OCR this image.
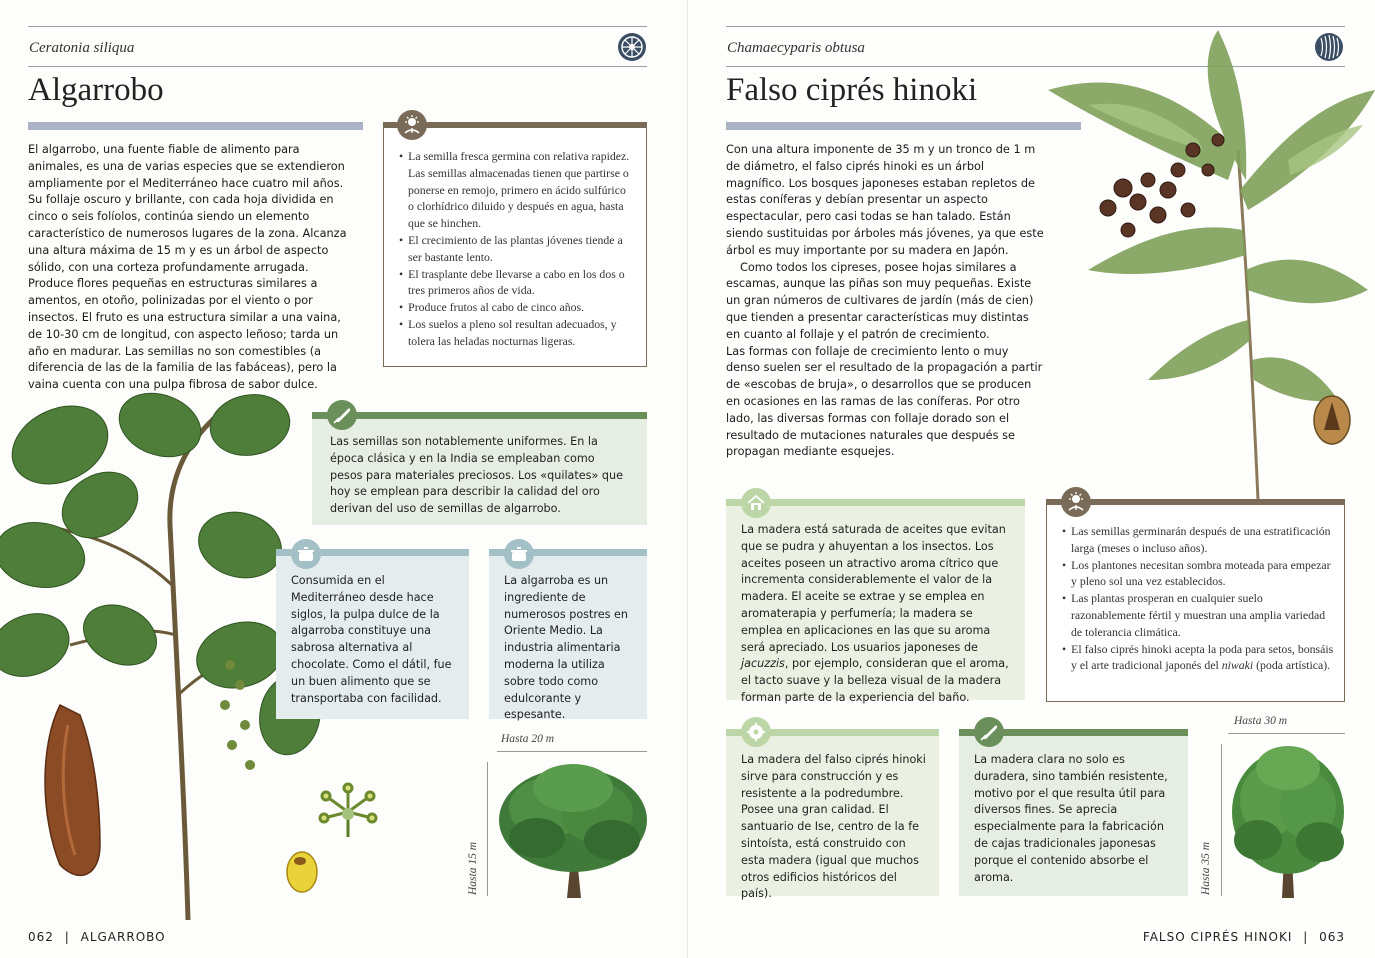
Ceratonia siliqua
Algarrobo

El algarrobo, una fuente fiable de alimento para animales, es una de varias especies que se extendieron ampliamente por el Mediterráneo hace cuatro mil años. Su follaje oscuro y brillante, con cada hoja dividida en cinco o seis folíolos, continúa siendo un elemento característico de numerosos lugares de la zona. Alcanza una altura máxima de 15 m y es un árbol de aspecto sólido, con una corteza profundamente arrugada. Produce flores pequeñas en estructuras similares a amentos, en otoño, polinizadas por el viento o por insectos. El fruto es una estructura similar a una vaina, de 10-30 cm de longitud, con aspecto leñoso; tarda un año en madurar. Las semillas no son comestibles (a diferencia de las de la familia de las fabáceas), pero la vaina cuenta con una pulpa fibrosa de sabor dulce.

• La semilla fresca germina con relativa rapidez. Las semillas almacenadas tienen que partirse o ponerse en remojo, primero en ácido sulfúrico o clorhídrico diluido y después en agua, hasta que se hinchen.
• El crecimiento de las plantas jóvenes tiende a ser bastante lento.
• El trasplante debe llevarse a cabo en los dos o tres primeros años de vida.
• Produce frutos al cabo de cinco años.
• Los suelos a pleno sol resultan adecuados, y tolera las heladas nocturnas ligeras.
Las semillas son notablemente uniformes. En la época clásica y en la India se empleaban como pesos para materiales preciosos. Los «quilates» que hoy se emplean para describir la calidad del oro derivan del uso de semillas de algarrobo.
Consumida en el Mediterráneo desde hace siglos, la pulpa dulce de la algarroba constituye una sabrosa alternativa al chocolate. Como el dátil, fue un buen alimento que se transportaba con facilidad.
La algarroba es un ingrediente de numerosos postres en Oriente Medio. La industria alimentaria moderna la utiliza sobre todo como edulcorante y espesante.
Hasta 20 m
Hasta 15 m
062 | ALGARROBO
Chamaecyparis obtusa
Falso ciprés hinoki

Con una altura imponente de 35 m y un tronco de 1 m de diámetro, el falso ciprés hinoki es un árbol magnífico. Los bosques japoneses estaban repletos de estas coníferas y debían presentar un aspecto espectacular, pero casi todas se han talado. Están siendo sustituidas por árboles más jóvenes, ya que este árbol es muy importante por su madera en Japón.

Como todos los cipreses, posee hojas similares a escamas, aunque las piñas son muy pequeñas. Existe un gran números de cultivares de jardín (más de cien) que tienden a presentar características muy distintas en cuanto al follaje y el patrón de crecimiento.

Las formas con follaje de crecimiento lento o muy denso suelen ser el resultado de la propagación a partir de «escobas de bruja», o desarrollos que se producen en ocasiones en las ramas de las coníferas. Por otro lado, las diversas formas con follaje dorado son el resultado de mutaciones naturales que después se propagan mediante esquejes.

La madera está saturada de aceites que evitan que se pudra y ahuyentan a los insectos. Los aceites poseen un atractivo aroma cítrico que incrementa considerablemente el valor de la madera. El aceite se extrae y se emplea en aromaterapia y perfumería; la madera se emplea en aplicaciones en las que su aroma será apreciado. Los usuarios japoneses de jacuzzis, por ejemplo, consideran que el aroma, el tacto suave y la belleza visual de la madera forman parte de la experiencia del baño.
• Las semillas germinarán después de una estratificación larga (meses o incluso años).
• Los plantones necesitan sombra moteada para empezar y pleno sol una vez establecidos.
• Las plantas prosperan en cualquier suelo razonablemente fértil y muestran una amplia variedad de tolerancia climática.
• El falso ciprés hinoki acepta la poda para setos, bonsáis y el arte tradicional japonés del niwaki (poda artística).
La madera del falso ciprés hinoki sirve para construcción y es resistente a la podredumbre. Posee una gran calidad. El santuario de Ise, centro de la fe sintoísta, está construido con esta madera (igual que muchos otros edificios históricos del país).
La madera clara no solo es duradera, sino también resistente, motivo por el que resulta útil para diversos fines. Se aprecia especialmente para la fabricación de cajas tradicionales japonesas porque el contenido absorbe el aroma.
Hasta 30 m
Hasta 35 m
FALSO CIPRÉS HINOKI | 063
